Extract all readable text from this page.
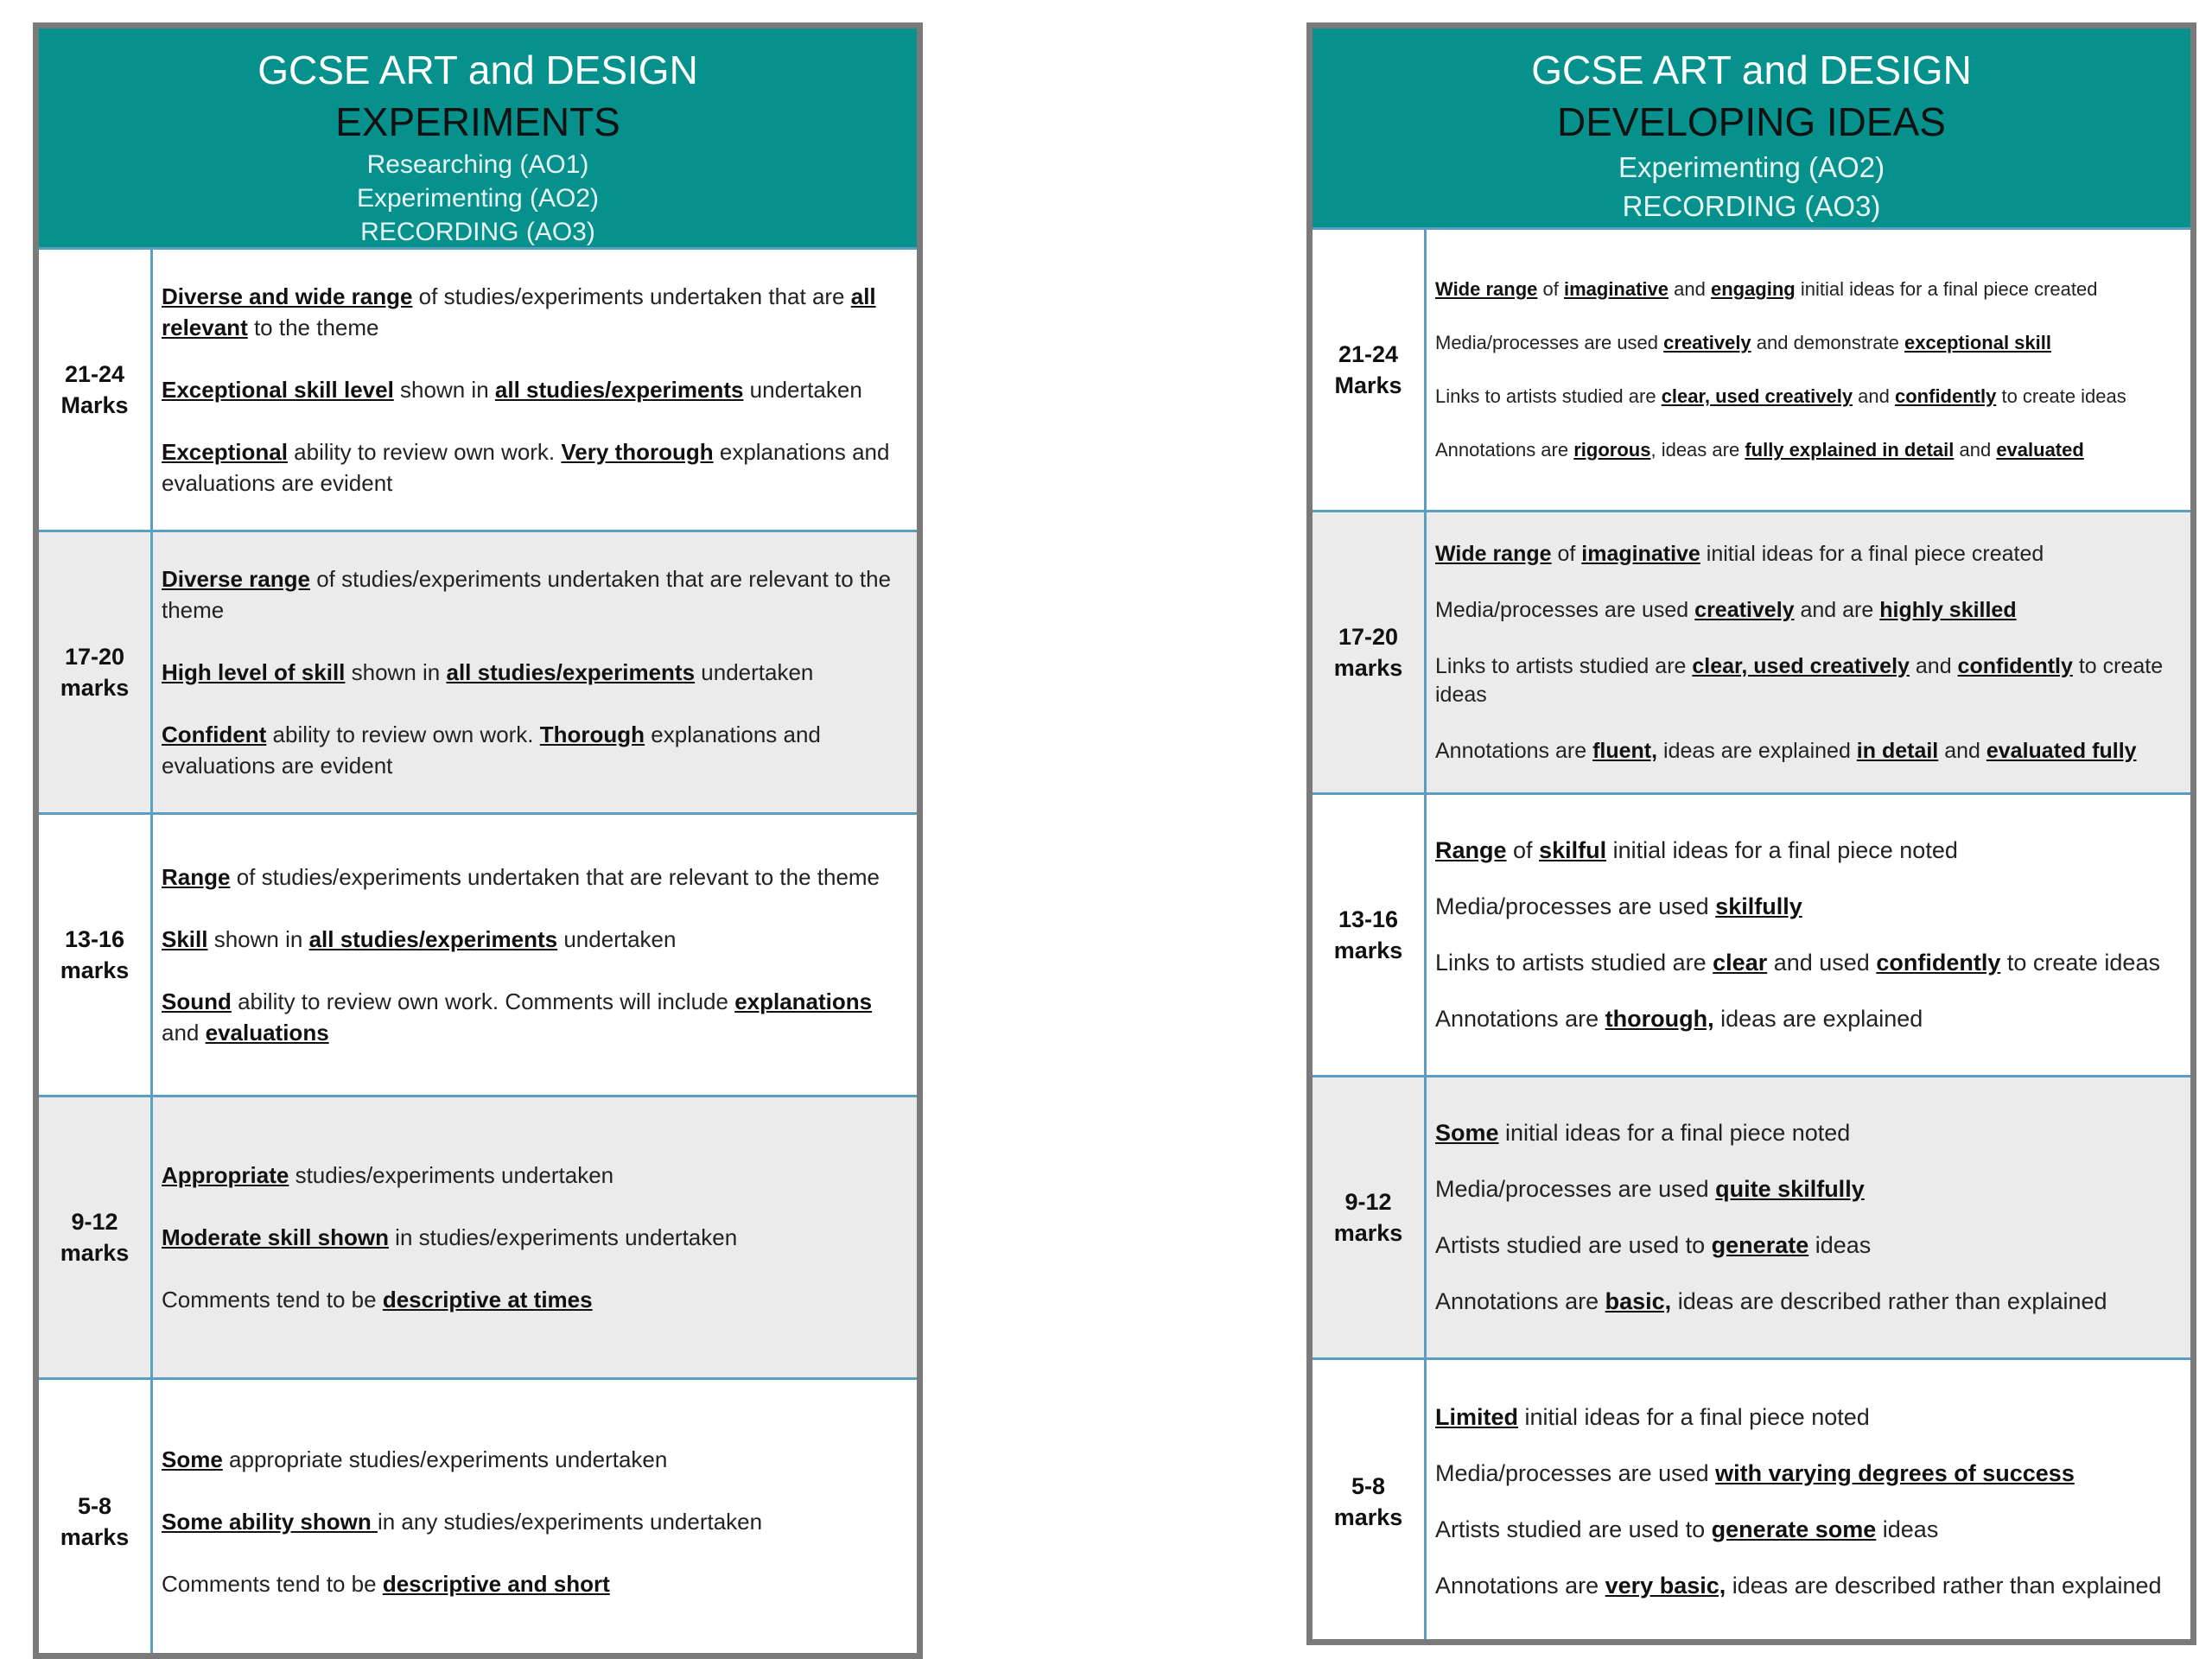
GCSE ART and DESIGN
EXPERIMENTS
Researching (AO1)
Experimenting (AO2)
RECORDING (AO3)
21-24
Marks

Diverse and wide range of studies/experiments undertaken that are all relevant to the theme

Exceptional skill level shown in all studies/experiments undertaken

Exceptional ability to review own work. Very thorough explanations and evaluations are evident

17-20
marks

Diverse range of studies/experiments undertaken that are relevant to the theme

High level of skill shown in all studies/experiments undertaken

Confident ability to review own work. Thorough explanations and evaluations are evident

13-16
marks

Range of studies/experiments undertaken that are relevant to the theme

Skill shown in all studies/experiments undertaken

Sound ability to review own work. Comments will include explanations and evaluations

9-12
marks

Appropriate studies/experiments undertaken

Moderate skill shown in studies/experiments undertaken

Comments tend to be descriptive at times

5-8
marks

Some appropriate studies/experiments undertaken

Some ability shown in any studies/experiments undertaken

Comments tend to be descriptive and short

GCSE ART and DESIGN
DEVELOPING IDEAS
Experimenting (AO2)
RECORDING (AO3)
21-24
Marks

Wide range of imaginative and engaging initial ideas for a final piece created

Media/processes are used creatively and demonstrate exceptional skill

Links to artists studied are clear, used creatively and confidently to create ideas

Annotations are rigorous, ideas are fully explained in detail and evaluated

17-20
marks

Wide range of imaginative initial ideas for a final piece created

Media/processes are used creatively and are highly skilled

Links to artists studied are clear, used creatively and confidently to create ideas

Annotations are fluent, ideas are explained in detail and evaluated fully

13-16
marks

Range of skilful initial ideas for a final piece noted

Media/processes are used skilfully

Links to artists studied are clear and used confidently to create ideas

Annotations are thorough, ideas are explained

9-12
marks

Some initial ideas for a final piece noted

Media/processes are used quite skilfully

Artists studied are used to generate ideas

Annotations are basic, ideas are described rather than explained

5-8
marks

Limited initial ideas for a final piece noted

Media/processes are used with varying degrees of success

Artists studied are used to generate some ideas

Annotations are very basic, ideas are described rather than explained
